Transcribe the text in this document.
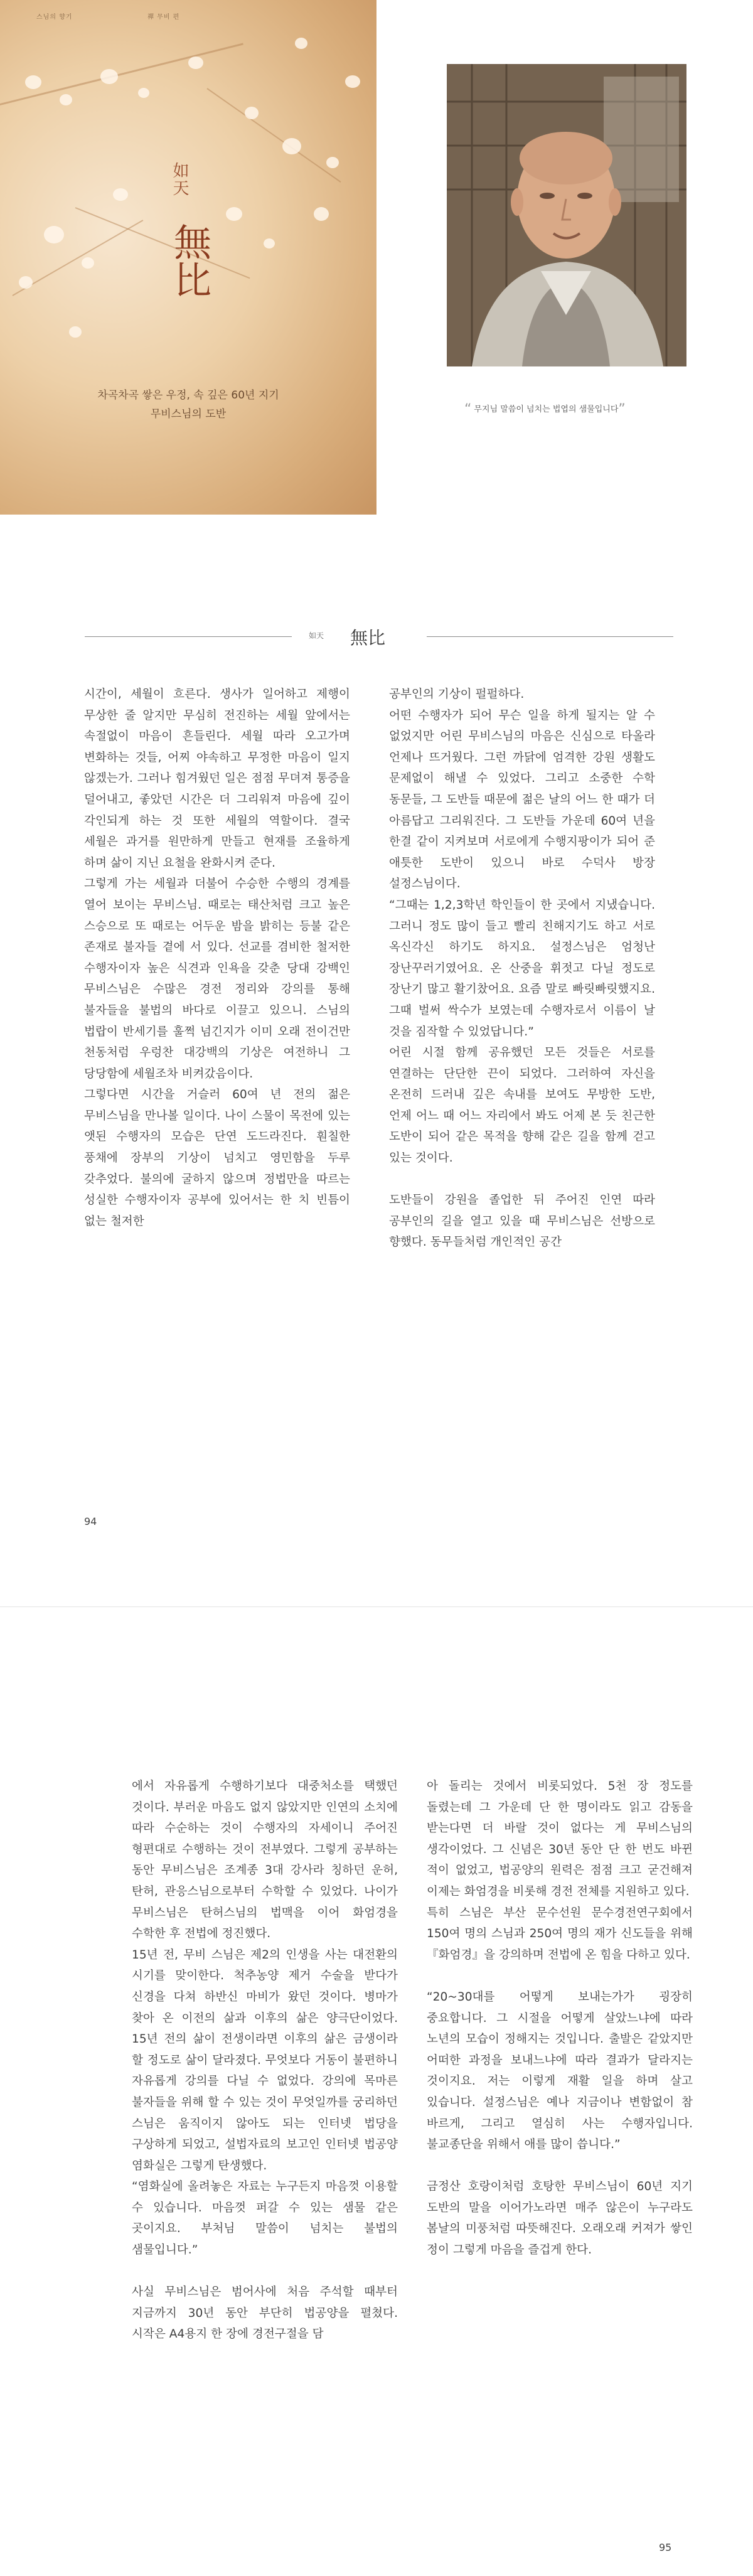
스님의 향기	禪 무비 편
如天
無比
차곡차곡 쌓은 우정, 속 깊은 60년 지기
무비스님의 도반	“ 무지님 말씀이 넘치는 법엽의 샘물입니다”
如天 無比

시간이, 세월이 흐른다. 생사가 일어하고 제행이 무상한 줄 알지만 무심히 전진하는 세월 앞에서는 속절없이 마음이 흔들린다. 세월 따라 오고가며 변화하는 것들, 어찌 야속하고 무정한 마음이 일지 않겠는가. 그러나 힘겨웠던 일은 점점 무뎌져 통증을 덜어내고, 좋았던 시간은 더 그리워져 마음에 깊이 각인되게 하는 것 또한 세월의 역할이다. 결국 세월은 과거를 원만하게 만들고 현재를 조율하게 하며 삶이 지닌 요철을 완화시켜 준다.

그렇게 가는 세월과 더불어 수승한 수행의 경계를 열어 보이는 무비스님. 때로는 태산처럼 크고 높은 스승으로 또 때로는 어두운 밤을 밝히는 등불 같은 존재로 불자들 곁에 서 있다. 선교를 겸비한 철저한 수행자이자 높은 식견과 인욕을 갖춘 당대 강백인 무비스님은 수많은 경전 정리와 강의를 통해 불자들을 불법의 바다로 이끌고 있으니. 스님의 법랍이 반세기를 훌쩍 넘긴지가 이미 오래 전이건만 천동처럼 우렁찬 대강백의 기상은 여전하니 그 당당함에 세월조차 비켜갔음이다.

그렇다면 시간을 거슬러 60여 년 전의 젊은 무비스님을 만나볼 일이다. 나이 스물이 목전에 있는 앳된 수행자의 모습은 단연 도드라진다. 훤칠한 풍채에 장부의 기상이 넘치고 영민함을 두루 갖추었다. 불의에 굴하지 않으며 정법만을 따르는 성실한 수행자이자 공부에 있어서는 한 치 빈틈이 없는 철저한

공부인의 기상이 펄펄하다.

어떤 수행자가 되어 무슨 일을 하게 될지는 알 수 없었지만 어린 무비스님의 마음은 신심으로 타올라 언제나 뜨거웠다. 그런 까닭에 엄격한 강원 생활도 문제없이 해낼 수 있었다. 그리고 소중한 수학 동문들, 그 도반들 때문에 젊은 날의 어느 한 때가 더 아름답고 그리워진다. 그 도반들 가운데 60여 년을 한결 같이 지켜보며 서로에게 수행지팡이가 되어 준 애틋한 도반이 있으니 바로 수덕사 방장 설정스님이다.

“그때는 1,2,3학년 학인들이 한 곳에서 지냈습니다. 그러니 정도 많이 들고 빨리 친해지기도 하고 서로 옥신각신 하기도 하지요. 설정스님은 엄청난 장난꾸러기였어요. 온 산중을 휘젓고 다닐 정도로 장난기 많고 활기찼어요. 요즘 말로 빠릿빠릿했지요. 그때 벌써 싹수가 보였는데 수행자로서 이름이 날 것을 짐작할 수 있었답니다.”

어린 시절 함께 공유했던 모든 것들은 서로를 연결하는 단단한 끈이 되었다. 그러하여 자신을 온전히 드러내 깊은 속내를 보여도 무방한 도반, 언제 어느 때 어느 자리에서 봐도 어제 본 듯 친근한 도반이 되어 같은 목적을 향해 같은 길을 함께 걷고 있는 것이다.

도반들이 강원을 졸업한 뒤 주어진 인연 따라 공부인의 길을 열고 있을 때 무비스님은 선방으로 향했다. 동무들처럼 개인적인 공간

94

에서 자유롭게 수행하기보다 대중처소를 택했던 것이다. 부러운 마음도 없지 않았지만 인연의 소치에 따라 수순하는 것이 수행자의 자세이니 주어진 형편대로 수행하는 것이 전부였다. 그렇게 공부하는 동안 무비스님은 조계종 3대 강사라 칭하던 운허, 탄허, 관응스님으로부터 수학할 수 있었다. 나이가 무비스님은 탄허스님의 법맥을 이어 화엄경을 수학한 후 전법에 정진했다.

15년 전, 무비 스님은 제2의 인생을 사는 대전환의 시기를 맞이한다. 척추농양 제거 수술을 받다가 신경을 다쳐 하반신 마비가 왔던 것이다. 병마가 찾아 온 이전의 삶과 이후의 삶은 양극단이었다. 15년 전의 삶이 전생이라면 이후의 삶은 금생이라 할 정도로 삶이 달라졌다. 무엇보다 거동이 불편하니 자유롭게 강의를 다닐 수 없었다. 강의에 목마른 불자들을 위해 할 수 있는 것이 무엇일까를 궁리하던 스님은 움직이지 않아도 되는 인터넷 법당을 구상하게 되었고, 설법자료의 보고인 인터넷 법공양 염화실은 그렇게 탄생했다.

“염화실에 올려놓은 자료는 누구든지 마음껏 이용할 수 있습니다. 마음껏 퍼갈 수 있는 샘물 같은 곳이지요. 부처님 말씀이 넘치는 불법의 샘물입니다.”

사실 무비스님은 범어사에 처음 주석할 때부터 지금까지 30년 동안 부단히 법공양을 펼쳤다. 시작은 A4용지 한 장에 경전구절을 담

아 돌리는 것에서 비롯되었다. 5천 장 정도를 돌렸는데 그 가운데 단 한 명이라도 읽고 감동을 받는다면 더 바랄 것이 없다는 게 무비스님의 생각이었다. 그 신념은 30년 동안 단 한 번도 바뀐 적이 없었고, 법공양의 원력은 점점 크고 굳건해져 이제는 화엄경을 비롯해 경전 전체를 지원하고 있다.

특히 스님은 부산 문수선원 문수경전연구회에서 150여 명의 스님과 250여 명의 재가 신도들을 위해 『화엄경』을 강의하며 전법에 온 힘을 다하고 있다.

“20~30대를 어떻게 보내는가가 굉장히 중요합니다. 그 시절을 어떻게 살았느냐에 따라 노년의 모습이 정해지는 것입니다. 출발은 같았지만 어떠한 과정을 보내느냐에 따라 결과가 달라지는 것이지요. 저는 이렇게 재활 일을 하며 살고 있습니다. 설정스님은 예나 지금이나 변함없이 참 바르게, 그리고 열심히 사는 수행자입니다. 불교종단을 위해서 애를 많이 씁니다.”

금정산 호랑이처럼 호탕한 무비스님이 60년 지기 도반의 말을 이어가노라면 매주 않은이 누구라도 봄날의 미풍처럼 따뜻해진다. 오래오래 커져가 쌓인 정이 그렇게 마음을 즐겁게 한다.

95
